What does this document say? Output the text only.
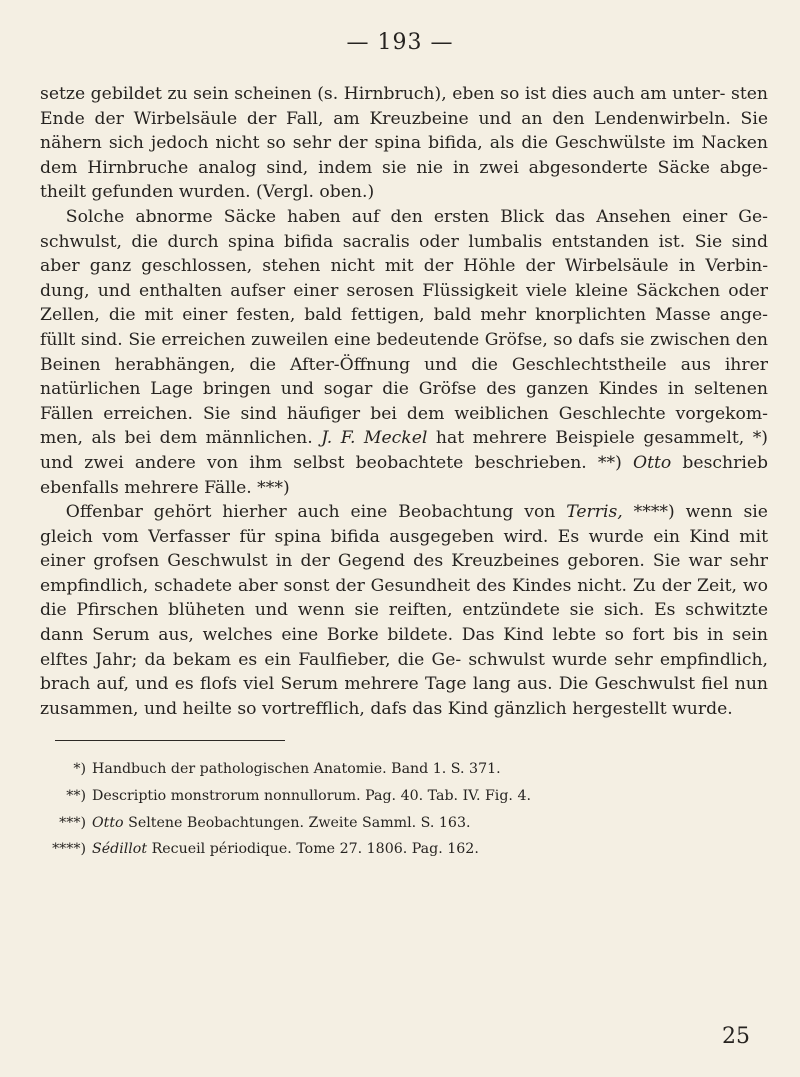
— 193 —

setze gebildet zu sein scheinen (s. Hirnbruch), eben so ist dies auch am unter- sten Ende der Wirbelsäule der Fall, am Kreuzbeine und an den Lendenwirbeln. Sie nähern sich jedoch nicht so sehr der spina bifida, als die Geschwülste im Nacken dem Hirnbruche analog sind, indem sie nie in zwei abgesonderte Säcke abge- theilt gefunden wurden. (Vergl. oben.)

Solche abnorme Säcke haben auf den ersten Blick das Ansehen einer Ge- schwulst, die durch spina bifida sacralis oder lumbalis entstanden ist. Sie sind aber ganz geschlossen, stehen nicht mit der Höhle der Wirbelsäule in Verbin- dung, und enthalten aufser einer serosen Flüssigkeit viele kleine Säckchen oder Zellen, die mit einer festen, bald fettigen, bald mehr knorplichten Masse ange- füllt sind. Sie erreichen zuweilen eine bedeutende Gröfse, so dafs sie zwischen den Beinen herabhängen, die After-Öffnung und die Geschlechtstheile aus ihrer natürlichen Lage bringen und sogar die Gröfse des ganzen Kindes in seltenen Fällen erreichen. Sie sind häufiger bei dem weiblichen Geschlechte vorgekom- men, als bei dem männlichen. J. F. Meckel hat mehrere Beispiele gesammelt, *) und zwei andere von ihm selbst beobachtete beschrieben. **) Otto beschrieb ebenfalls mehrere Fälle. ***)

Offenbar gehört hierher auch eine Beobachtung von Terris, ****) wenn sie gleich vom Verfasser für spina bifida ausgegeben wird. Es wurde ein Kind mit einer grofsen Geschwulst in der Gegend des Kreuzbeines geboren. Sie war sehr empfindlich, schadete aber sonst der Gesundheit des Kindes nicht. Zu der Zeit, wo die Pfirschen blüheten und wenn sie reiften, entzündete sie sich. Es schwitzte dann Serum aus, welches eine Borke bildete. Das Kind lebte so fort bis in sein elftes Jahr; da bekam es ein Faulfieber, die Ge- schwulst wurde sehr empfindlich, brach auf, und es flofs viel Serum mehrere Tage lang aus. Die Geschwulst fiel nun zusammen, und heilte so vortrefflich, dafs das Kind gänzlich hergestellt wurde.

*) Handbuch der pathologischen Anatomie. Band 1. S. 371.
**) Descriptio monstrorum nonnullorum. Pag. 40. Tab. IV. Fig. 4.
***) Otto Seltene Beobachtungen. Zweite Samml. S. 163.
****) Sédillot Recueil périodique. Tome 27. 1806. Pag. 162.
25
